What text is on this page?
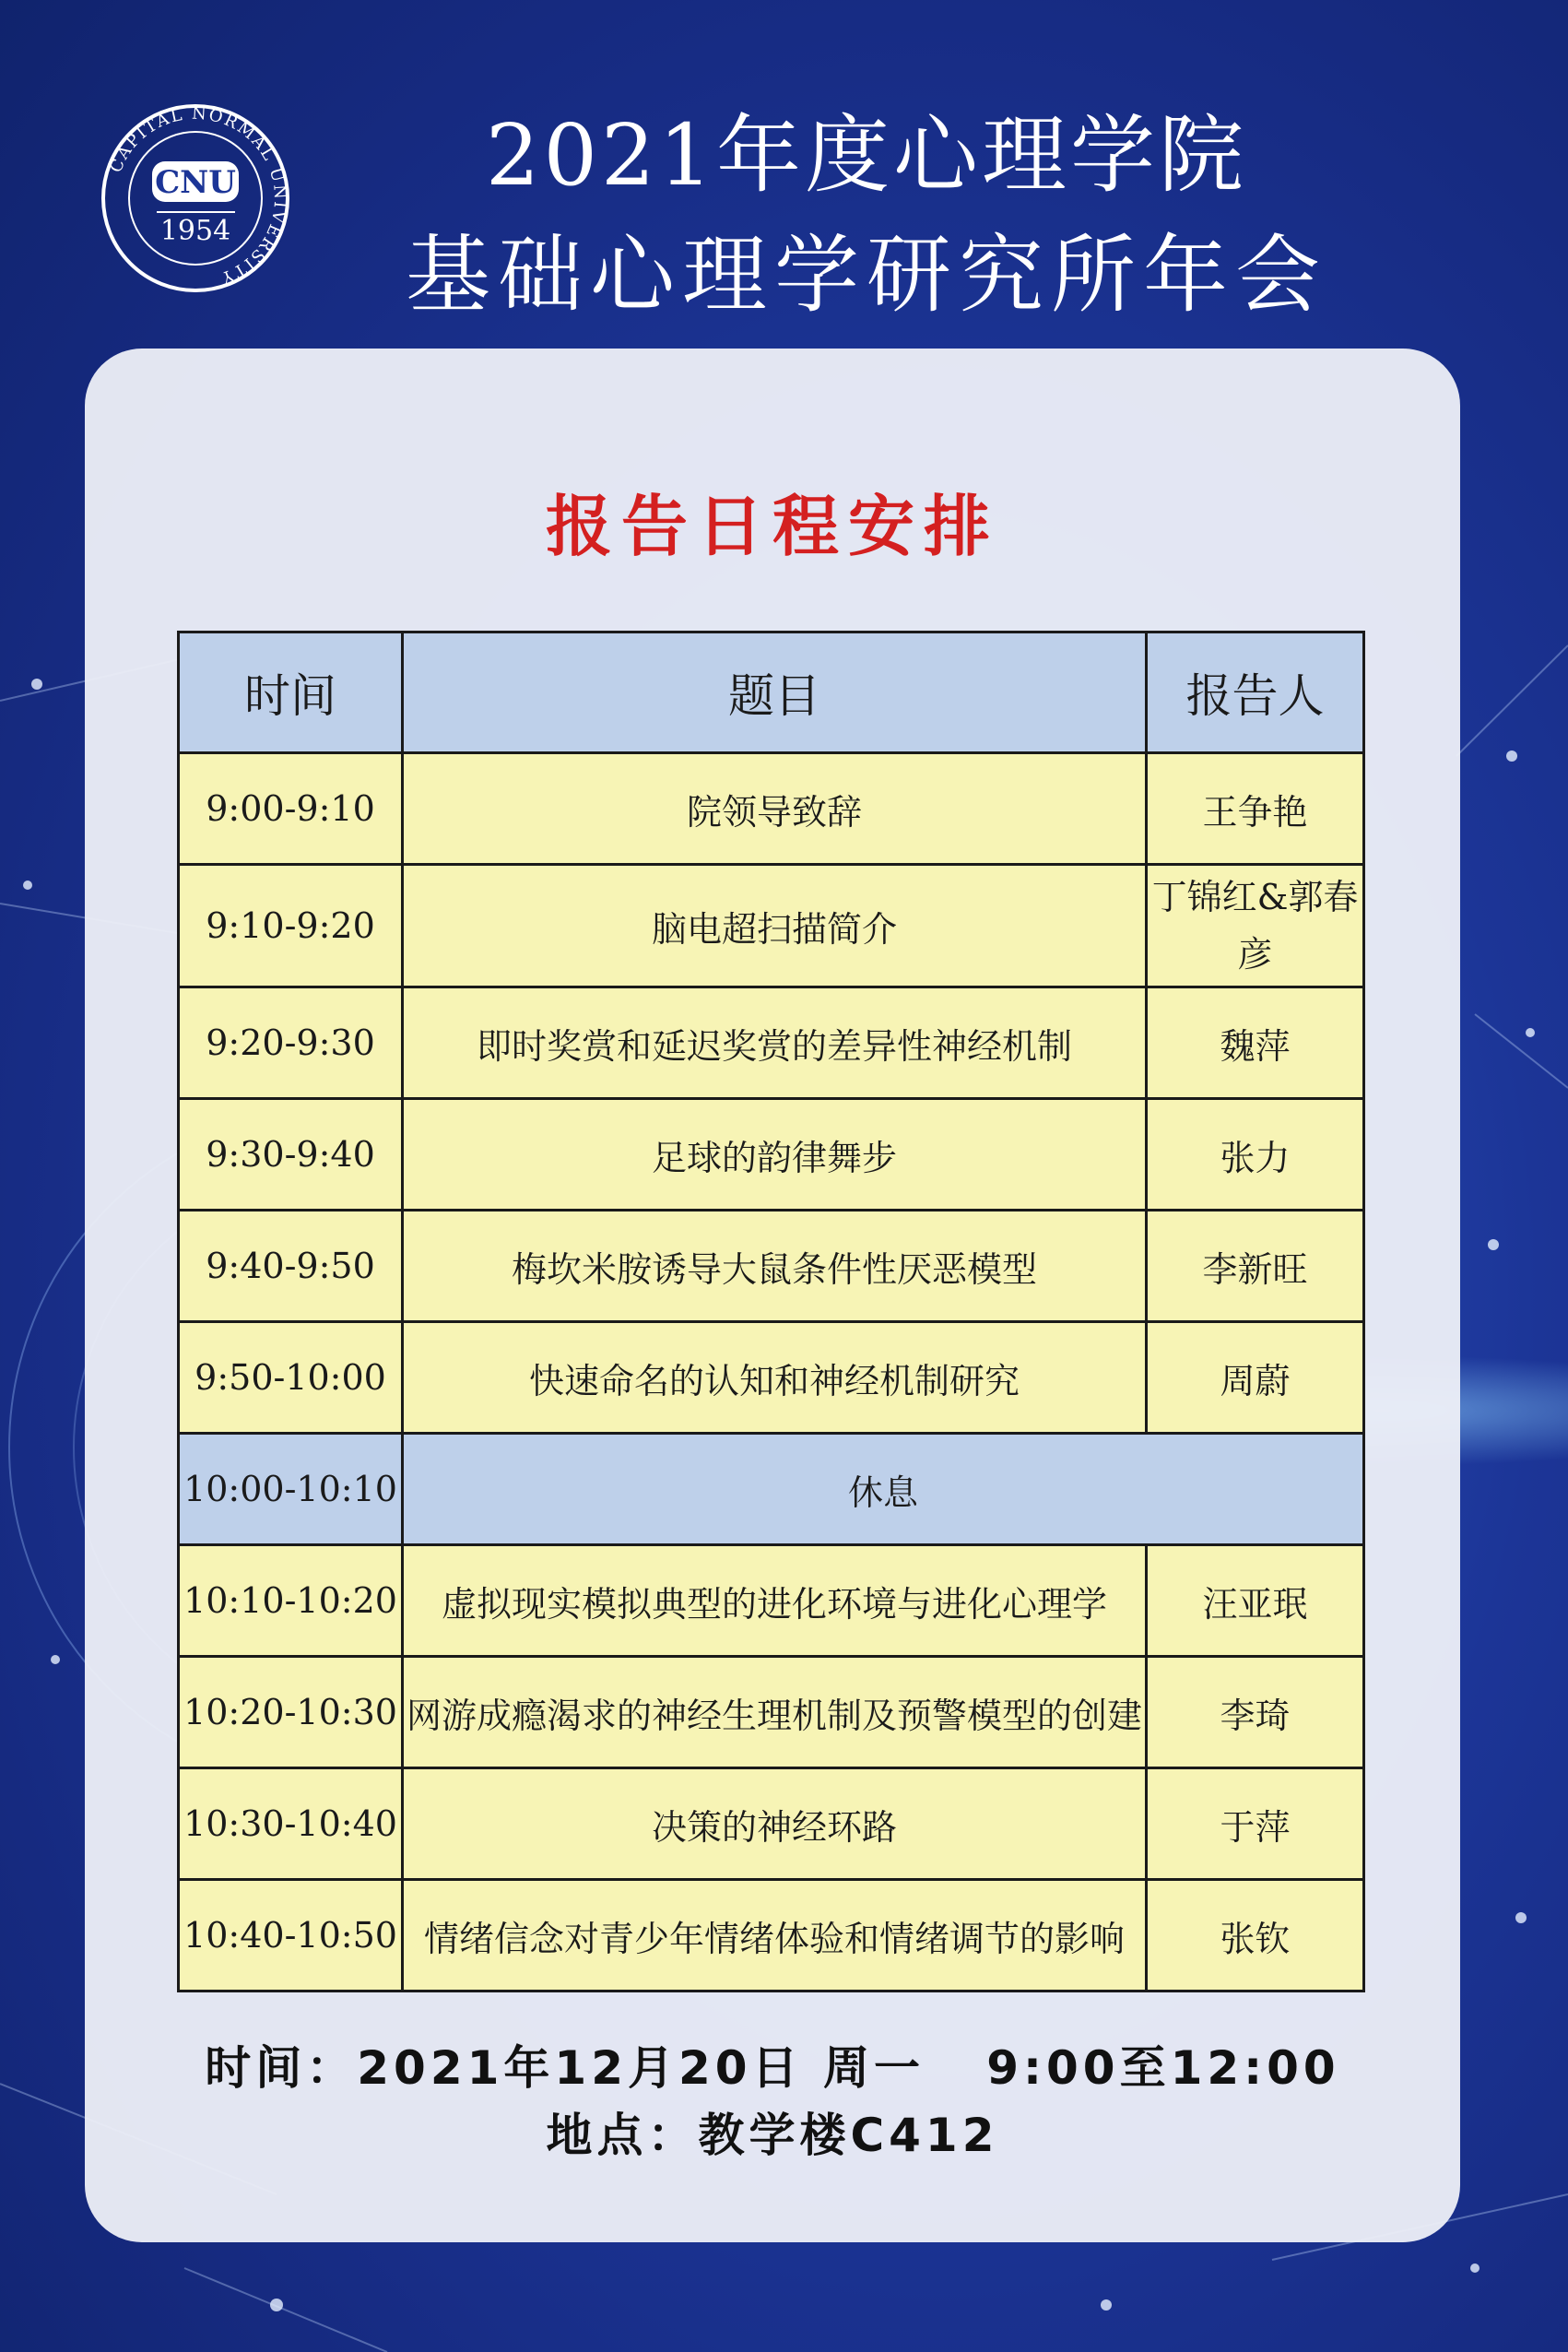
CAPITAL NORMAL UNIVERSITY
CNU
1954
2021年度心理学院
基础心理学研究所年会
报告日程安排
时间	题目	报告人
9:00-9:10	院领导致辞	王争艳
9:10-9:20	脑电超扫描简介	丁锦红&郭春彦
9:20-9:30	即时奖赏和延迟奖赏的差异性神经机制	魏萍
9:30-9:40	足球的韵律舞步	张力
9:40-9:50	梅坎米胺诱导大鼠条件性厌恶模型	李新旺
9:50-10:00	快速命名的认知和神经机制研究	周蔚
10:00-10:10	休息	
10:10-10:20	虚拟现实模拟典型的进化环境与进化心理学	汪亚珉
10:20-10:30	网游成瘾渴求的神经生理机制及预警模型的创建	李琦
10:30-10:40	决策的神经环路	于萍
10:40-10:50	情绪信念对青少年情绪体验和情绪调节的影响	张钦
时间：2021年12月20日 周一   9:00至12:00
地点：教学楼C412
